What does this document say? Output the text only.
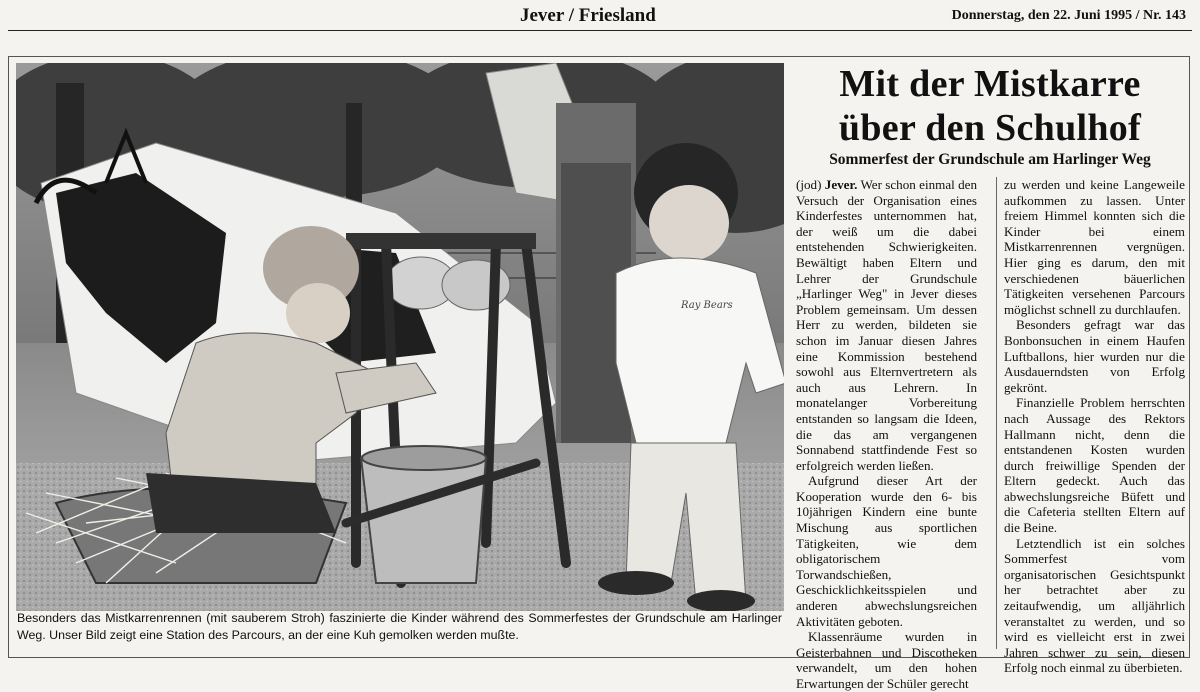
Jever / Friesland	Donnerstag, den 22. Juni 1995 / Nr. 143
Ray Bears
Besonders das Mistkarrenrennen (mit sauberem Stroh) faszinierte die Kinder während des Sommerfestes der Grundschule am Harlinger Weg. Unser Bild zeigt eine Station des Parcours, an der eine Kuh gemolken werden mußte.
Mit der Mistkarre
über den Schulhof
Sommerfest der Grundschule am Harlinger Weg

(jod) Jever. Wer schon einmal den Versuch der Organisation eines Kinderfestes unternommen hat, der weiß um die dabei entstehenden Schwierigkeiten. Bewältigt haben Eltern und Lehrer der Grundschule „Harlinger Weg" in Jever dieses Problem gemeinsam. Um dessen Herr zu werden, bildeten sie schon im Januar diesen Jahres eine Kommission bestehend sowohl aus Elternvertretern als auch aus Lehrern. In monatelanger Vorbereitung entstanden so langsam die Ideen, die das am vergangenen Sonnabend stattfindende Fest so erfolgreich werden ließen.

Aufgrund dieser Art der Kooperation wurde den 6- bis 10jährigen Kindern eine bunte Mischung aus sportlichen Tätigkeiten, wie dem obligatorischem Torwandschießen, Geschicklichkeitsspielen und anderen abwechslungsreichen Aktivitäten geboten.

Klassenräume wurden in Geisterbahnen und Discotheken verwandelt, um den hohen Erwartungen der Schüler gerecht

zu werden und keine Langeweile aufkommen zu lassen. Unter freiem Himmel konnten sich die Kinder bei einem Mistkarrenrennen vergnügen. Hier ging es darum, den mit verschiedenen bäuerlichen Tätigkeiten versehenen Parcours möglichst schnell zu durchlaufen.

Besonders gefragt war das Bonbonsuchen in einem Haufen Luftballons, hier wurden nur die Ausdauerndsten von Erfolg gekrönt.

Finanzielle Problem herrschten nach Aussage des Rektors Hallmann nicht, denn die entstandenen Kosten wurden durch freiwillige Spenden der Eltern gedeckt. Auch das abwechslungsreiche Büfett und die Cafeteria stellten Eltern auf die Beine.

Letztendlich ist ein solches Sommerfest vom organisatorischen Gesichtspunkt her betrachtet aber zu zeitaufwendig, um alljährlich veranstaltet zu werden, und so wird es vielleicht erst in zwei Jahren schwer zu sein, diesen Erfolg noch einmal zu überbieten.
